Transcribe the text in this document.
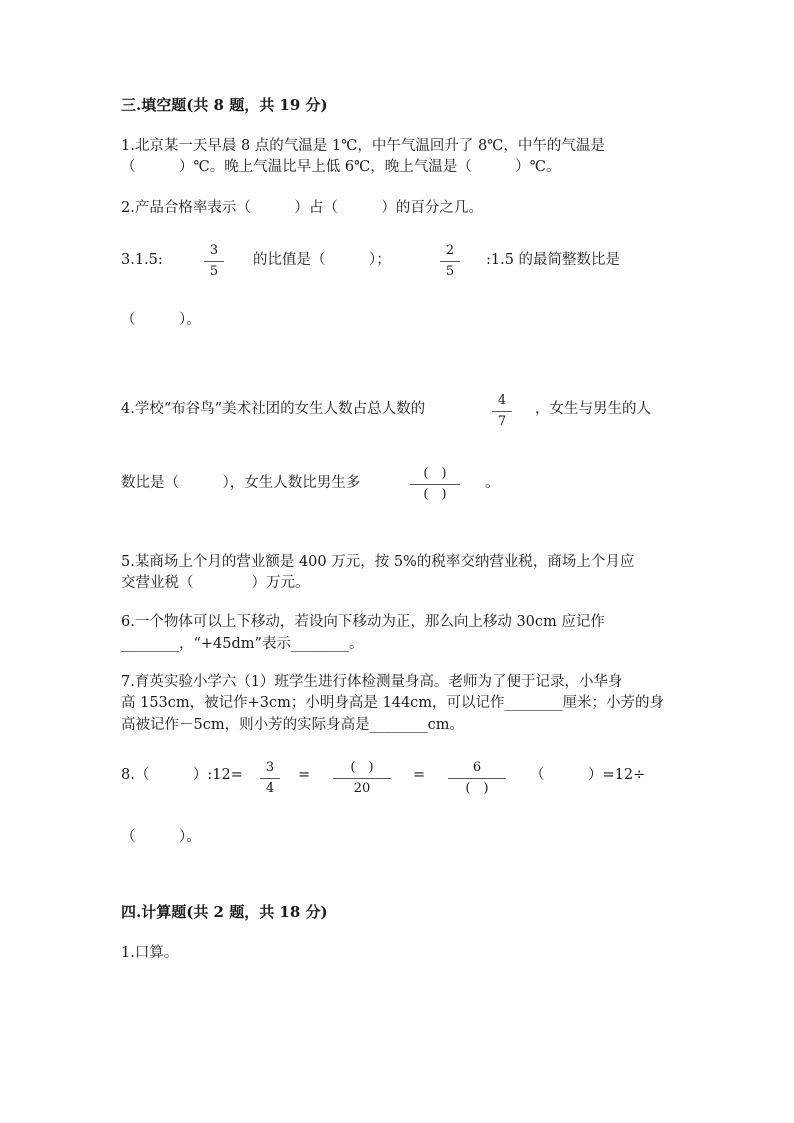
三.填空题(共 8 题，共 19 分)
1.北京某一天早晨 8 点的气温是 1℃，中午气温回升了 8℃，中午的气温是
（　　　）℃。晚上气温比早上低 6℃，晚上气温是（　　　）℃。
2.产品合格率表示（　　　）占（　　　）的百分之几。
3.1.5:
3
5
的比值是（　　　）；
2
5
:1.5 的最简整数比是
（　　　）。
4.学校“布谷鸟”美术社团的女生人数占总人数的
4
7
，女生与男生的人
数比是（　　　），女生人数比男生多
(　)
(　)
。
5.某商场上个月的营业额是 400 万元，按 5%的税率交纳营业税，商场上个月应
交营业税（　　　　）万元。
6.一个物体可以上下移动，若设向下移动为正，那么向上移动 30cm 应记作
________，“+45dm”表示________。
7.育英实验小学六（1）班学生进行体检测量身高。老师为了便于记录，小华身
高 153cm，被记作+3cm；小明身高是 144cm，可以记作________厘米；小芳的身
高被记作－5cm，则小芳的实际身高是________cm。
8.（　　　）:12=	3
4
=	(　)
20
=	6
(　)
（　　　）=12÷
（　　　）。
四.计算题(共 2 题，共 18 分)
1.口算。
